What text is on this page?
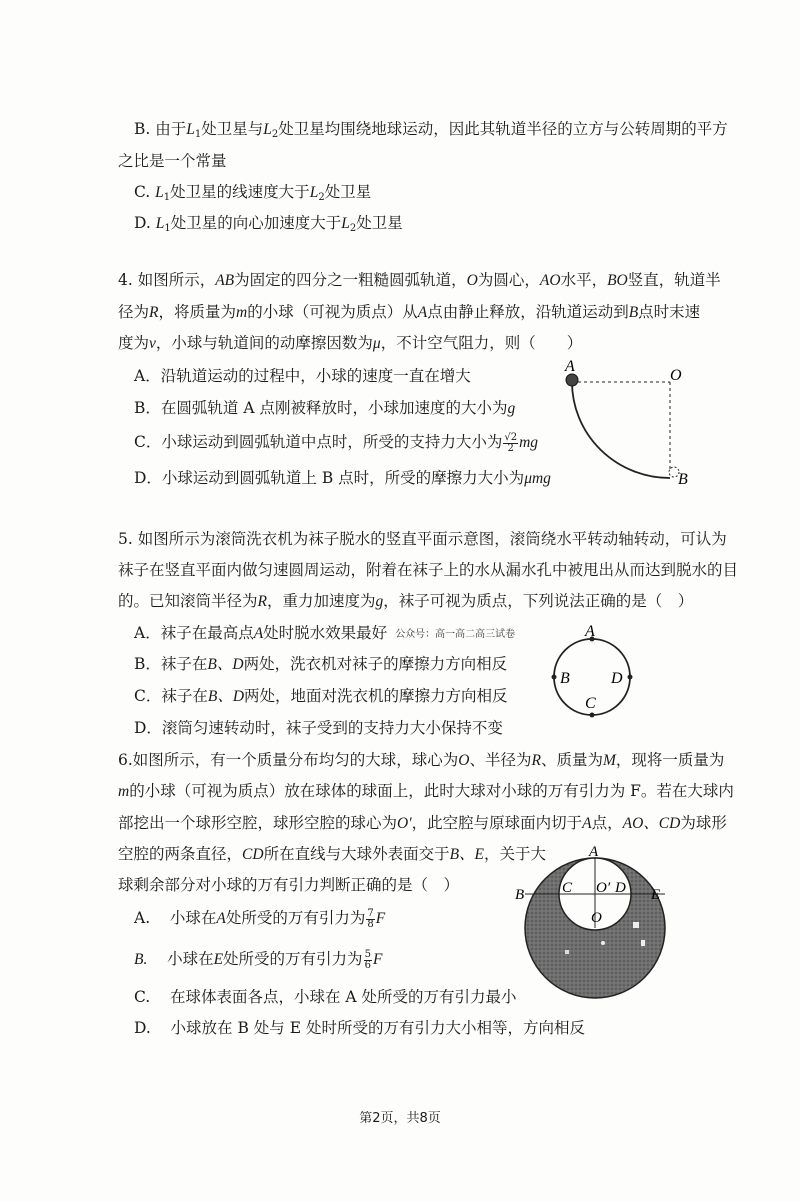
B. 由于$L_1$处卫星与$L_2$处卫星均围绕地球运动，因此其轨道半径的立方与公转周期的平方
之比是一个常量
C. $L_1$处卫星的线速度大于$L_2$处卫星
D. $L_1$处卫星的向心加速度大于$L_2$处卫星
4. 如图所示，AB为固定的四分之一粗糙圆弧轨道，O为圆心，AO水平，BO竖直，轨道半
径为R，将质量为m的小球（可视为质点）从A点由静止释放，沿轨道运动到B点时末速
度为v，小球与轨道间的动摩擦因数为μ，不计空气阻力，则（　　）
A．沿轨道运动的过程中，小球的速度一直在增大
B．在圆弧轨道 A 点刚被释放时，小球加速度的大小为g
C．小球运动到圆弧轨道中点时，所受的支持力大小为 $\frac{√2}{2}$ mg
D．小球运动到圆弧轨道上 B 点时，所受的摩擦力大小为μmg
A
O
B
5. 如图所示为滚筒洗衣机为袜子脱水的竖直平面示意图，滚筒绕水平转动轴转动，可认为
袜子在竖直平面内做匀速圆周运动，附着在袜子上的水从漏水孔中被甩出从而达到脱水的目
的。已知滚筒半径为R，重力加速度为g，袜子可视为质点，下列说法正确的是（　）
A．袜子在最高点A处时脱水效果最好 公众号：高一高二高三试卷
B．袜子在B、D两处，洗衣机对袜子的摩擦力方向相反
C．袜子在B、D两处，地面对洗衣机的摩擦力方向相反
D．滚筒匀速转动时，袜子受到的支持力大小保持不变
A
B
C
D
6.如图所示，有一个质量分布均匀的大球，球心为O、半径为R、质量为M，现将一质量为
m的小球（可视为质点）放在球体的球面上，此时大球对小球的万有引力为 F。若在大球内
部挖出一个球形空腔，球形空腔的球心为O′，此空腔与原球面内切于A点，AO、CD为球形
空腔的两条直径，CD所在直线与大球外表面交于B、E，关于大
球剩余部分对小球的万有引力判断正确的是（　）
A. 小球在A处所受的万有引力为 $\frac{7}{8}$ F
B. 小球在E处所受的万有引力为 $\frac{5}{6}$ F
C. 在球体表面各点，小球在 A 处所受的万有引力最小
D. 小球放在 B 处与 E 处时所受的万有引力大小相等，方向相反
A
B	C O′ D E
O
第2页，共8页
